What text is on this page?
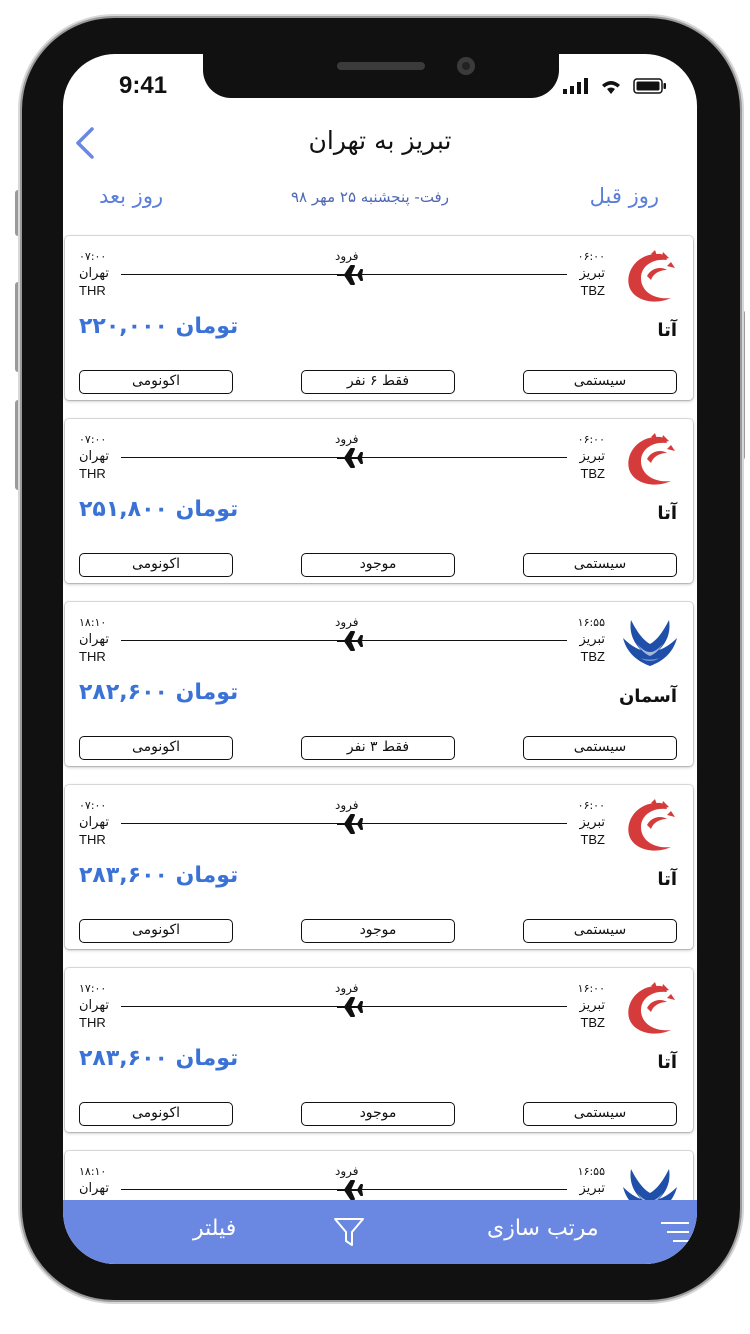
9:41
تبریز به تهران
روز قبل
رفت- پنجشنبه ۲۵ مهر ۹۸
روز بعد
۰۶:۰۰
تبریز
TBZ
فرود
۰۷:۰۰
تهران
THR
آتا
۲۲۰,۰۰۰ تومان
سیستمی
فقط ۶ نفر
اکونومی
۰۶:۰۰
تبریز
TBZ
فرود
۰۷:۰۰
تهران
THR
آتا
۲۵۱,۸۰۰ تومان
سیستمی
موجود
اکونومی
۱۶:۵۵
تبریز
TBZ
فرود
۱۸:۱۰
تهران
THR
آسمان
۲۸۲,۶۰۰ تومان
سیستمی
فقط ۳ نفر
اکونومی
۰۶:۰۰
تبریز
TBZ
فرود
۰۷:۰۰
تهران
THR
آتا
۲۸۳,۶۰۰ تومان
سیستمی
موجود
اکونومی
۱۶:۰۰
تبریز
TBZ
فرود
۱۷:۰۰
تهران
THR
آتا
۲۸۳,۶۰۰ تومان
سیستمی
موجود
اکونومی
۱۶:۵۵
تبریز
فرود
۱۸:۱۰
تهران
مرتب سازی
فیلتر
